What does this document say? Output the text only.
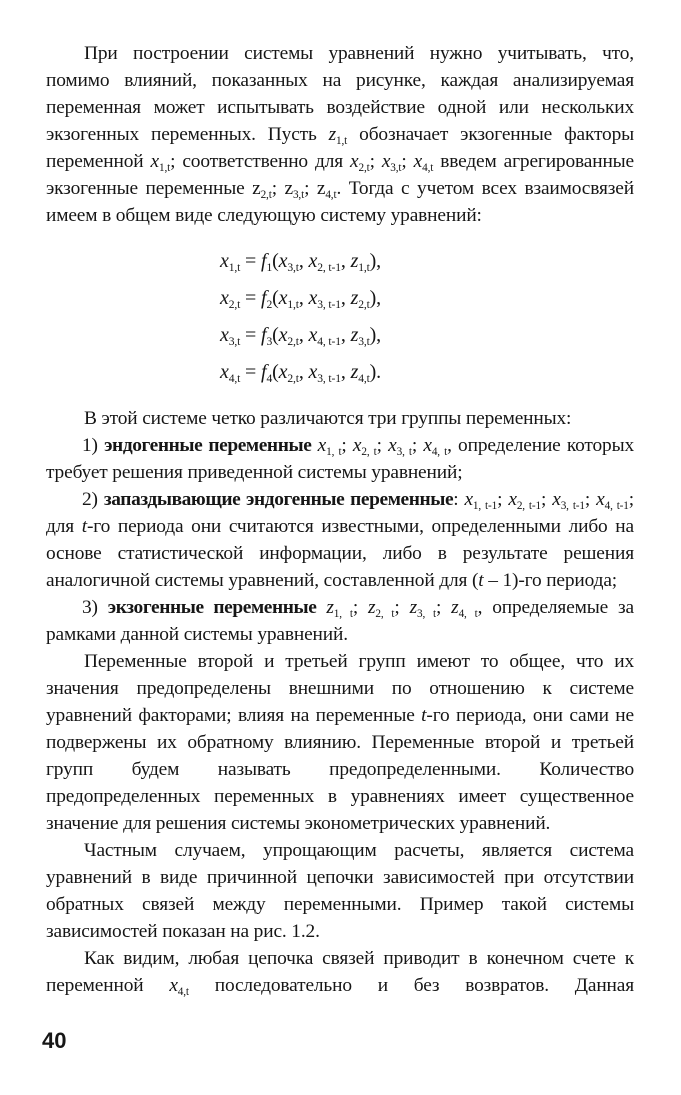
При построении системы уравнений нужно учитывать, что, помимо влияний, показанных на рисунке, каждая анализируемая переменная может испытывать воздействие одной или нескольких экзогенных переменных. Пусть $z_{1,t}$ обозначает экзогенные факторы переменной $x_{1,t}$; соответственно для $x_{2,t}$; $x_{3,t}$; $x_{4,t}$ введем агрегированные экзогенные переменные $z_{2,t}$; $z_{3,t}$; $z_{4,t}$. Тогда с учетом всех взаимосвязей имеем в общем виде следующую систему уравнений:

$x_{1,t} = f_1(x_{3,t}$, $x_{2, t-1}$, $z_{1,t}$),
$x_{2,t} = f_2(x_{1,t}$, $x_{3, t-1}$, $z_{2,t}$),
$x_{3,t} = f_3(x_{2,t}$, $x_{4, t-1}$, $z_{3,t}$),
$x_{4,t} = f_4(x_{2,t}$, $x_{3, t-1}$, $z_{4,t}$).

В этой системе четко различаются три группы переменных:

1) эндогенные переменные $x_{1, t}$; $x_{2, t}$; $x_{3, t}$; $x_{4, t}$, определение которых требует решения приведенной системы уравнений;

2) запаздывающие эндогенные переменные: $x_{1, t-1}$; $x_{2, t-1}$; $x_{3, t-1}$; $x_{4, t-1}$; для t-го периода они считаются известными, определенными либо на основе статистической информации, либо в результате решения аналогичной системы уравнений, составленной для (t – 1)-го периода;

3) экзогенные переменные $z_{1, t}$; $z_{2, t}$; $z_{3, t}$; $z_{4, t}$, определяемые за рамками данной системы уравнений.

Переменные второй и третьей групп имеют то общее, что их значения предопределены внешними по отношению к системе уравнений факторами; влияя на переменные t-го периода, они сами не подвержены их обратному влиянию. Переменные второй и третьей групп будем называть предопределенными. Количество предопределенных переменных в уравнениях имеет существенное значение для решения системы эконометрических уравнений.

Частным случаем, упрощающим расчеты, является система уравнений в виде причинной цепочки зависимостей при отсутствии обратных связей между переменными. Пример такой системы зависимостей показан на рис. 1.2.

Как видим, любая цепочка связей приводит в конечном счете к переменной $x_{4,t}$ последовательно и без возвратов. Данная

40
